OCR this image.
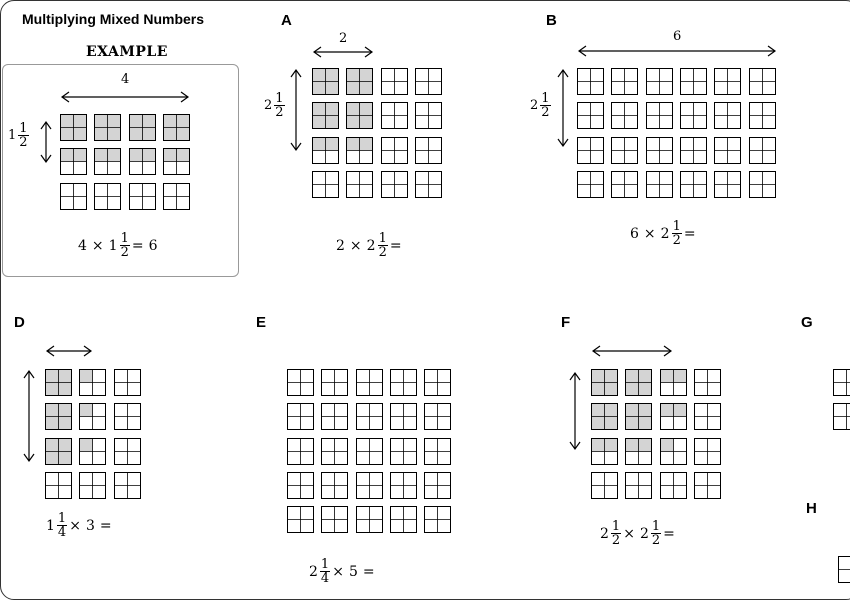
Multiplying Mixed Numbers
EXAMPLE
4
$1 \frac{1}{2}$
$4 \times 1 \frac{1}{2} = 6$
A
2
$2 \frac{1}{2}$
$2 \times 2 \frac{1}{2}$ =
B
6
$2 \frac{1}{2}$
$6 \times 2 \frac{1}{2}$ =
D
$1 \frac{1}{4} \times 3$ =
E
$2 \frac{1}{4} \times 5$ =
F
$2 \frac{1}{2} \times 2 \frac{1}{2}$ =
G
H
